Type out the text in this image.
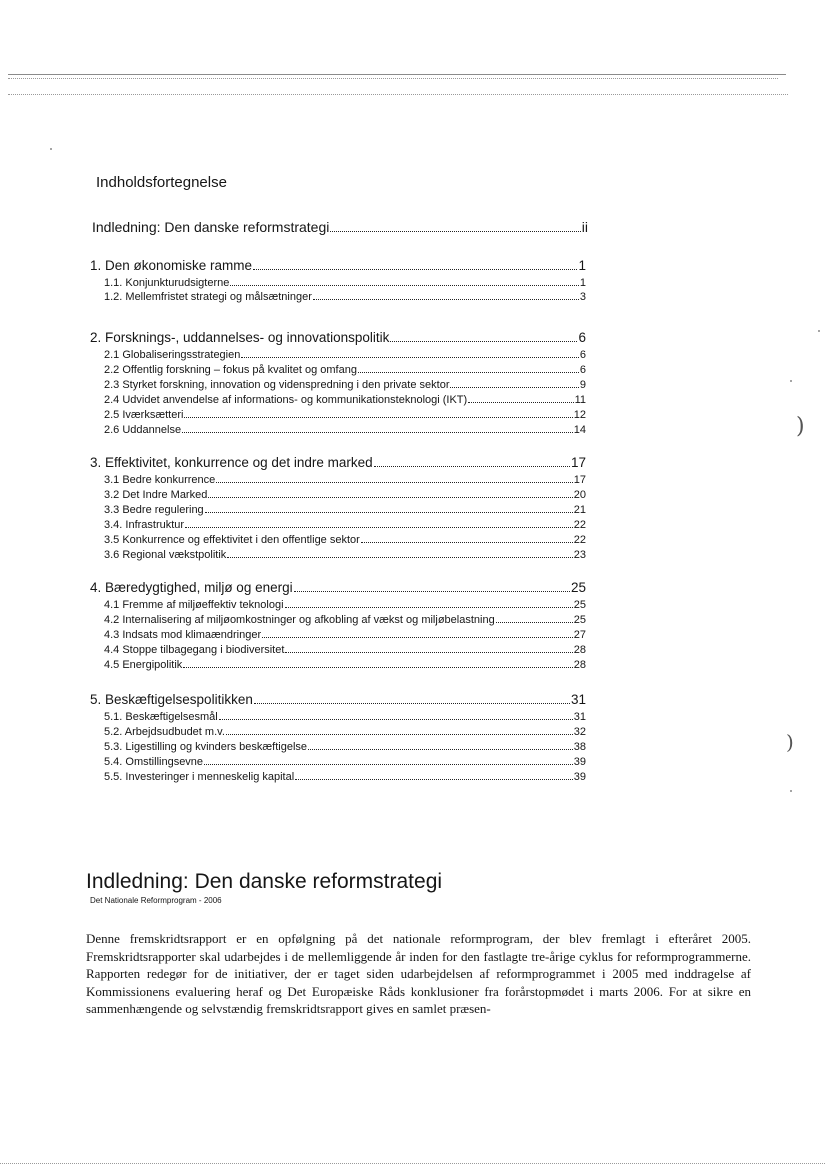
)
)
Indholdsfortegnelse
Indledning: Den danske reformstrategi	ii
1. Den økonomiske ramme	1
1.1. Konjunkturudsigterne	1
1.2. Mellemfristet strategi og målsætninger	3
2. Forsknings-, uddannelses- og innovationspolitik	6
2.1 Globaliseringsstrategien	6
2.2 Offentlig forskning – fokus på kvalitet og omfang	6
2.3 Styrket forskning, innovation og videnspredning i den private sektor	9
2.4 Udvidet anvendelse af informations- og kommunikationsteknologi (IKT)	11
2.5 Iværksætteri	12
2.6 Uddannelse	14
3. Effektivitet, konkurrence og det indre marked	17
3.1 Bedre konkurrence	17
3.2 Det Indre Marked	20
3.3 Bedre regulering	21
3.4. Infrastruktur	22
3.5 Konkurrence og effektivitet i den offentlige sektor	22
3.6 Regional vækstpolitik	23
4. Bæredygtighed, miljø og energi	25
4.1 Fremme af miljøeffektiv teknologi	25
4.2 Internalisering af miljøomkostninger og afkobling af vækst og miljøbelastning	25
4.3 Indsats mod klimaændringer	27
4.4 Stoppe tilbagegang i biodiversitet	28
4.5 Energipolitik	28
5. Beskæftigelsespolitikken	31
5.1. Beskæftigelsesmål	31
5.2. Arbejdsudbudet m.v.	32
5.3. Ligestilling og kvinders beskæftigelse	38
5.4. Omstillingsevne	39
5.5. Investeringer i menneskelig kapital	39
Indledning: Den danske reformstrategi
Det Nationale Reformprogram - 2006

Denne fremskridtsrapport er en opfølgning på det nationale reformprogram, der blev fremlagt i efteråret 2005. Fremskridtsrapporter skal udarbejdes i de mellemliggende år inden for den fastlagte tre-årige cyklus for reformprogrammerne. Rapporten redegør for de initiativer, der er taget siden udarbejdelsen af reformprogrammet i 2005 med inddragelse af Kommissionens evaluering heraf og Det Europæiske Råds konklusioner fra forårstopmødet i marts 2006. For at sikre en sammenhængende og selvstændig fremskridtsrapport gives en samlet præsen-
